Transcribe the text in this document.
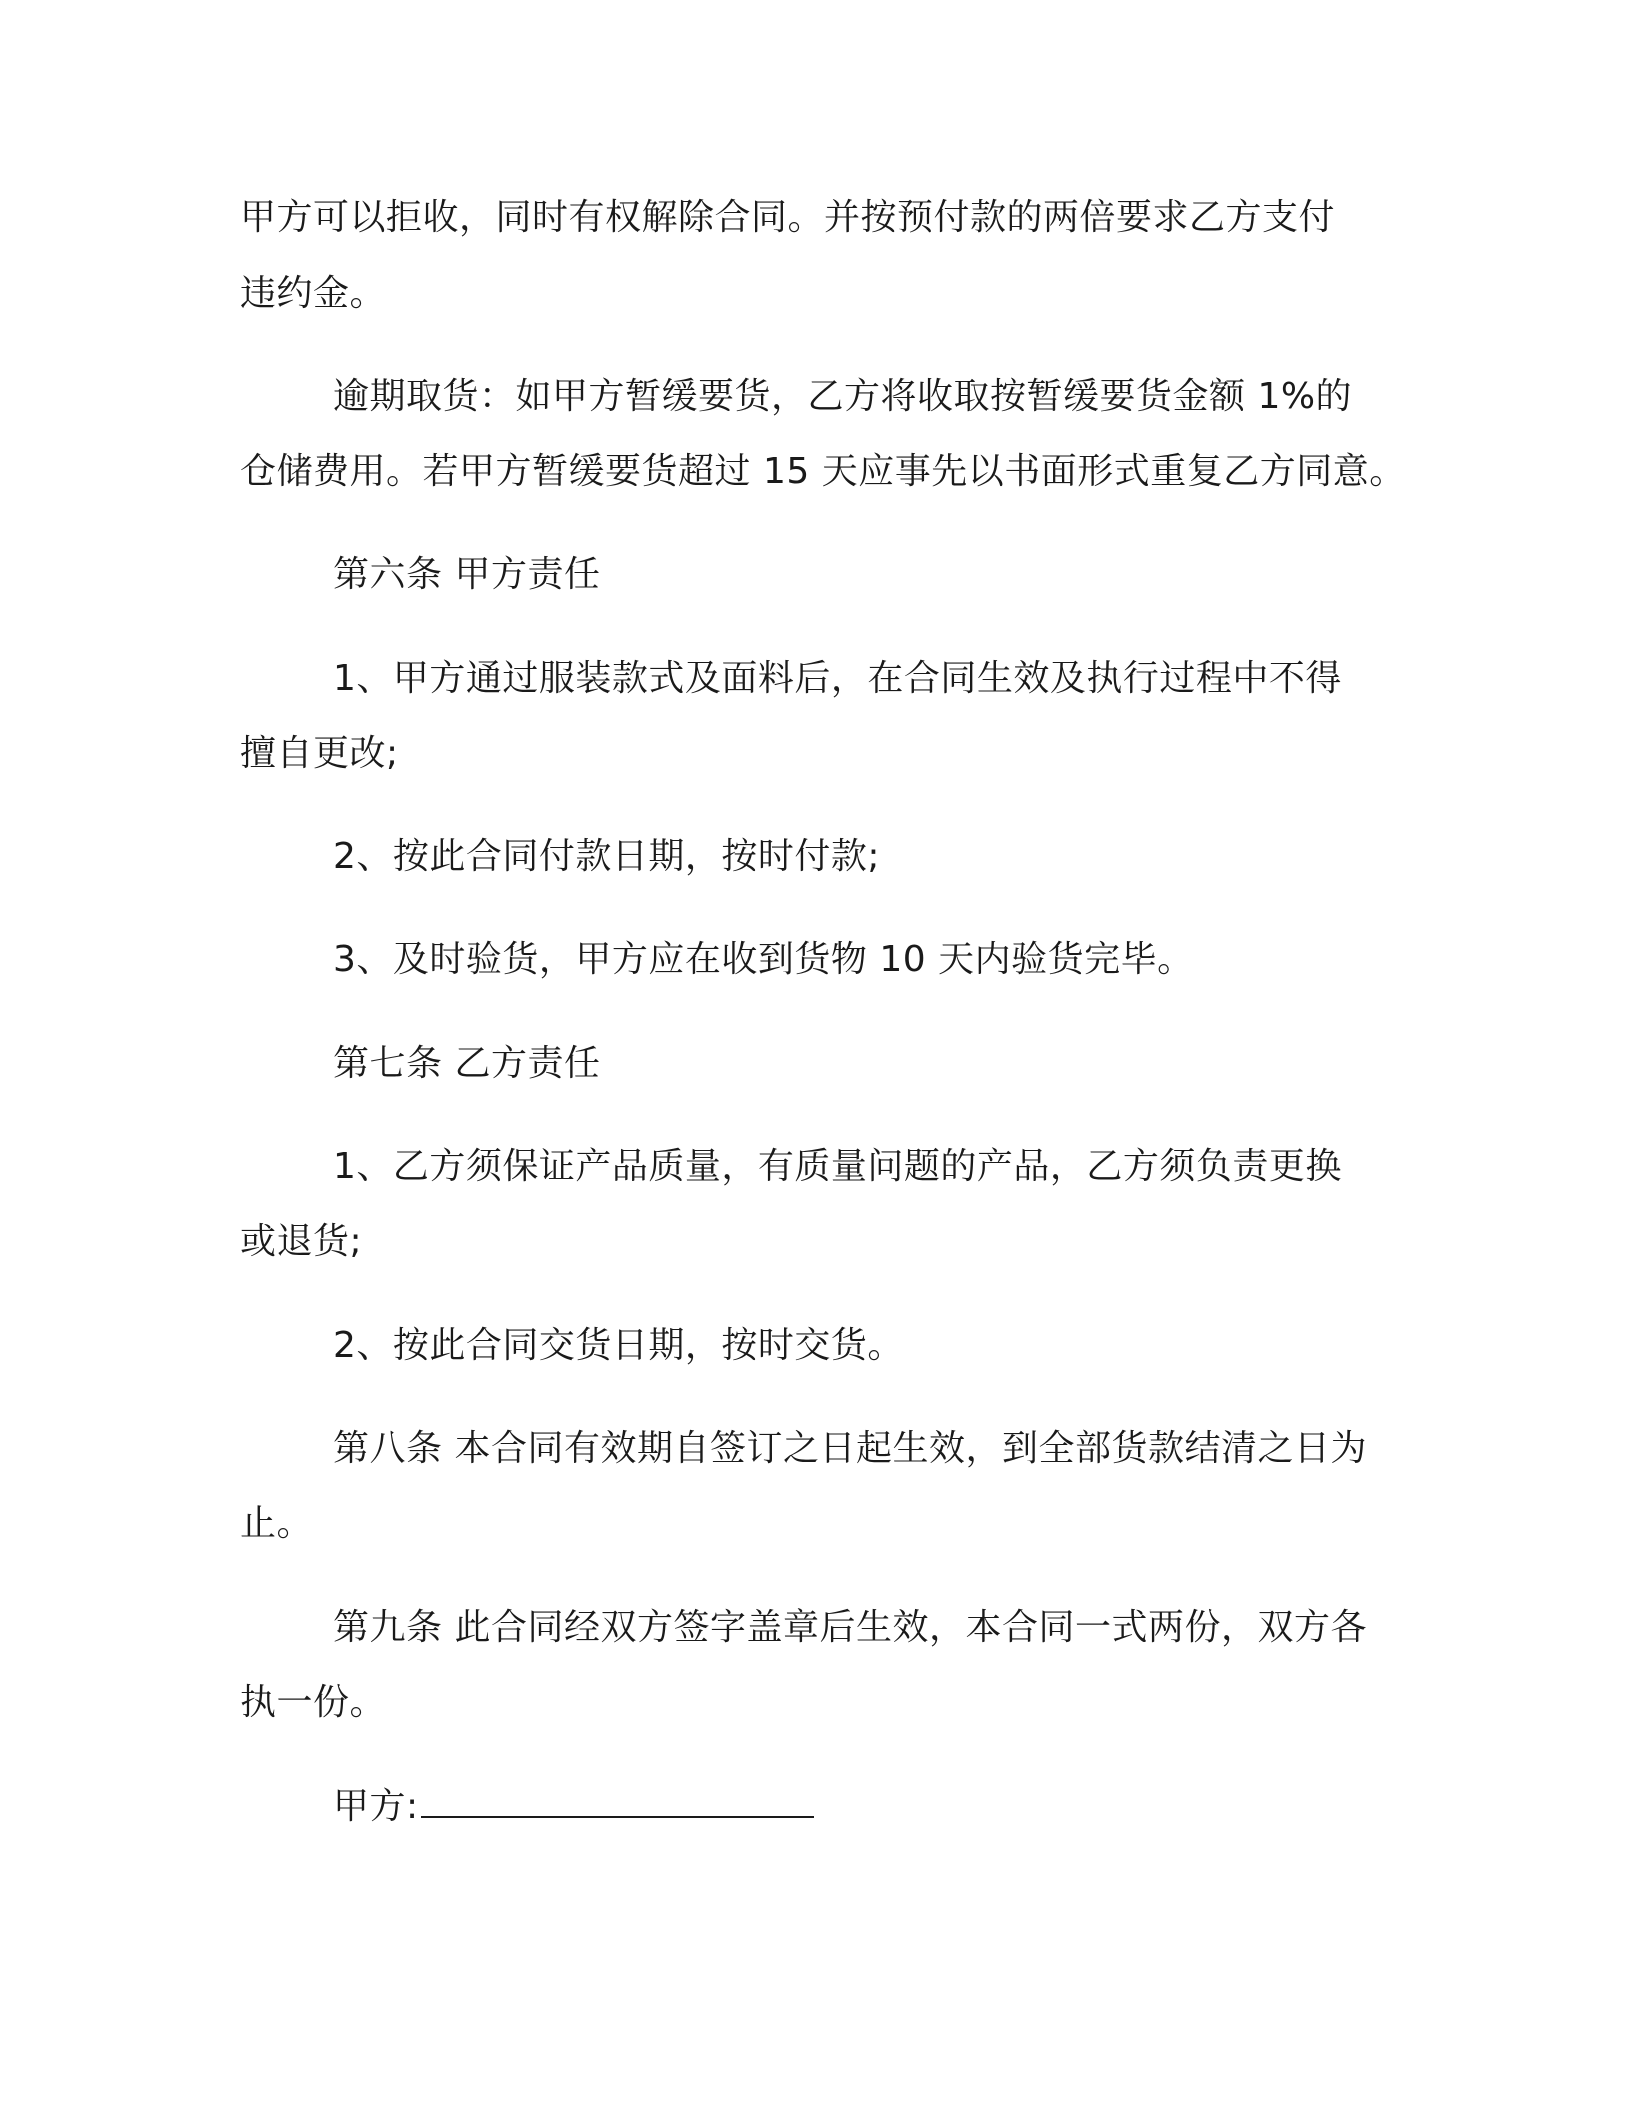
甲方可以拒收，同时有权解除合同。并按预付款的两倍要求乙方支付
违约金。
逾期取货：如甲方暂缓要货，乙方将收取按暂缓要货金额 1%的
仓储费用。若甲方暂缓要货超过 15 天应事先以书面形式重复乙方同意。
第六条 甲方责任
1、甲方通过服装款式及面料后，在合同生效及执行过程中不得
擅自更改;
2、按此合同付款日期，按时付款;
3、及时验货，甲方应在收到货物 10 天内验货完毕。
第七条 乙方责任
1、乙方须保证产品质量，有质量问题的产品，乙方须负责更换
或退货;
2、按此合同交货日期，按时交货。
第八条 本合同有效期自签订之日起生效，到全部货款结清之日为
止。
第九条 此合同经双方签字盖章后生效，本合同一式两份，双方各
执一份。
甲方:
